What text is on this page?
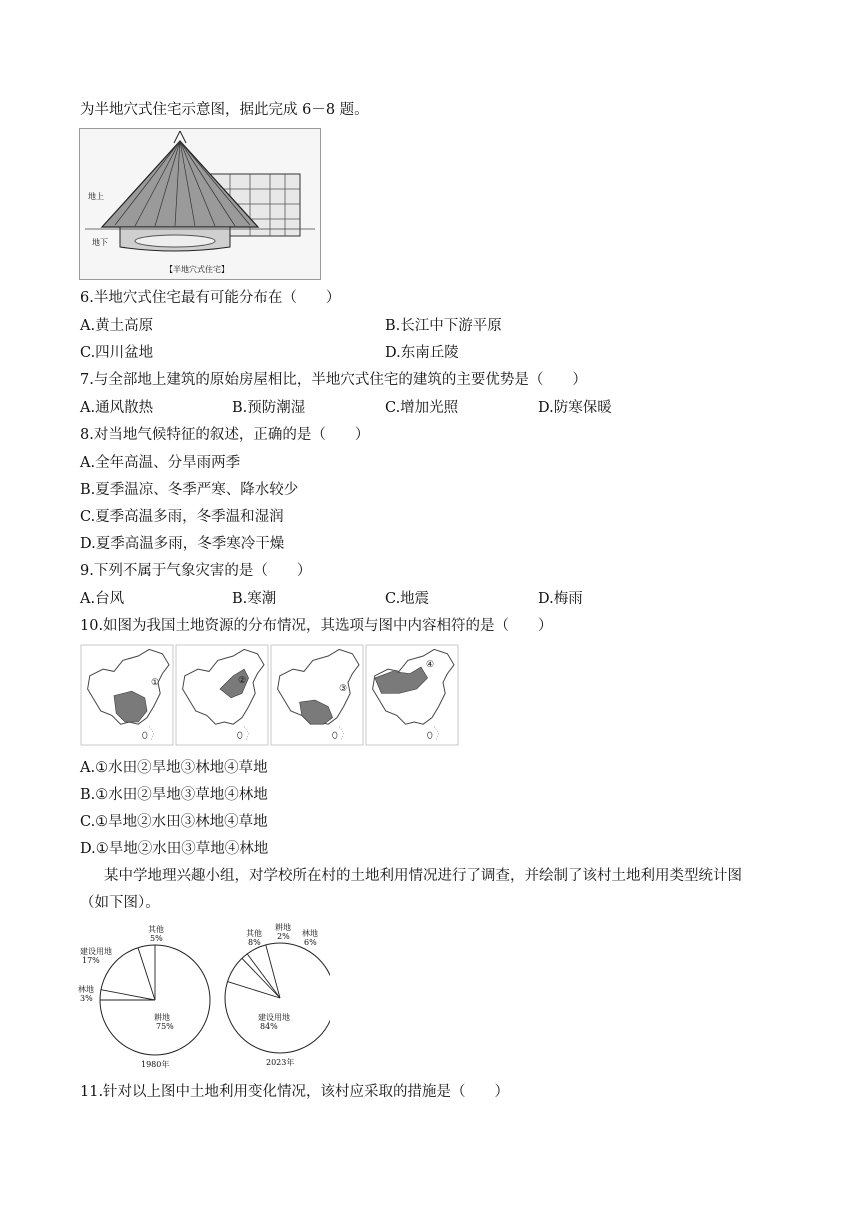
为半地穴式住宅示意图，据此完成 6－8 题。
地上
地下
【半地穴式住宅】
6.半地穴式住宅最有可能分布在（　　）
A.黄土高原	B.长江中下游平原
C.四川盆地	D.东南丘陵
7.与全部地上建筑的原始房屋相比，半地穴式住宅的建筑的主要优势是（　　）
A.通风散热	B.预防潮湿	C.增加光照	D.防寒保暖
8.对当地气候特征的叙述，正确的是（　　）
A.全年高温、分旱雨两季
B.夏季温凉、冬季严寒、降水较少
C.夏季高温多雨，冬季温和湿润
D.夏季高温多雨，冬季寒冷干燥
9.下列不属于气象灾害的是（　　）
A.台风	B.寒潮	C.地震	D.梅雨
10.如图为我国土地资源的分布情况，其选项与图中内容相符的是（　　）
①	②
③
④
A.①水田②旱地③林地④草地
B.①水田②旱地③草地④林地
C.①旱地②水田③林地④草地
D.①旱地②水田③草地④林地
某中学地理兴趣小组，对学校所在村的土地利用情况进行了调查，并绘制了该村土地利用类型统计图
（如下图）。
耕地
75%
林地
3%
建设用地
17%
其他
5%
1980年
建设用地
84%
其他
8%
耕地
2% 林地
6%
2023年
11.针对以上图中土地利用变化情况，该村应采取的措施是（　　）
